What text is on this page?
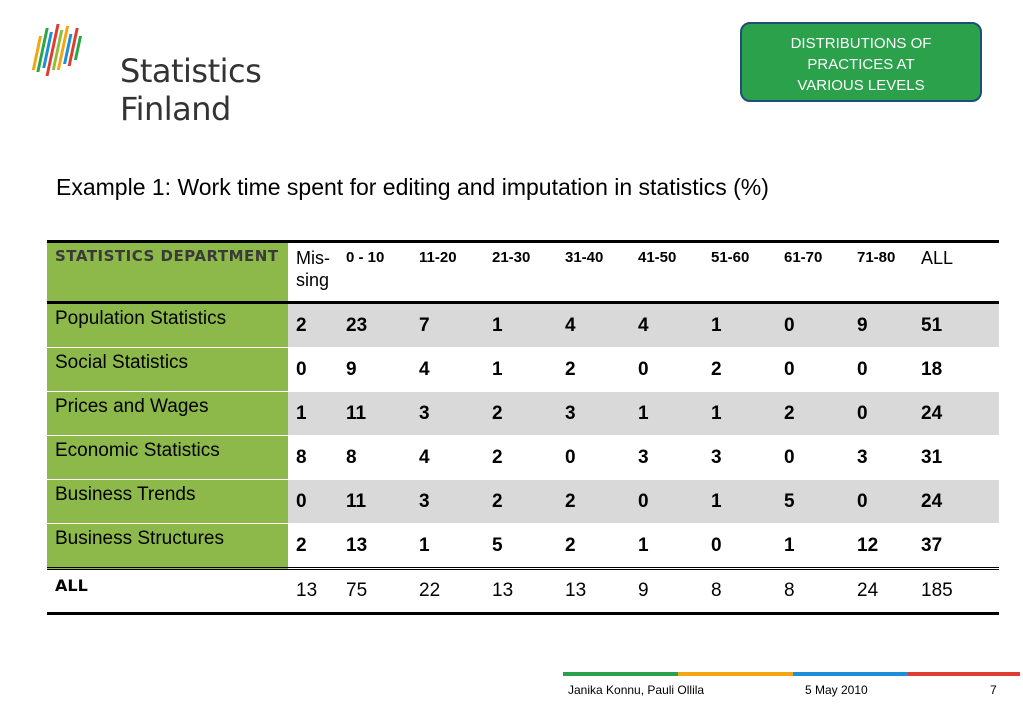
Statistics Finland
DISTRIBUTIONS OF
PRACTICES AT
VARIOUS LEVELS
Example 1: Work time spent for editing and imputation in statistics (%)
STATISTICS DEPARTMENT	Mis-sing	0 - 10	11-20	21-30	31-40	41-50	51-60	61-70	71-80	ALL
Population Statistics	2	23	7	1	4	4	1	0	9	51
Social Statistics	0	9	4	1	2	0	2	0	0	18
Prices and Wages	1	11	3	2	3	1	1	2	0	24
Economic Statistics	8	8	4	2	0	3	3	0	3	31
Business Trends	0	11	3	2	2	0	1	5	0	24
Business Structures	2	13	1	5	2	1	0	1	12	37
ALL	13	75	22	13	13	9	8	8	24	185
Janika Konnu, Pauli Ollila	5 May 2010	7
